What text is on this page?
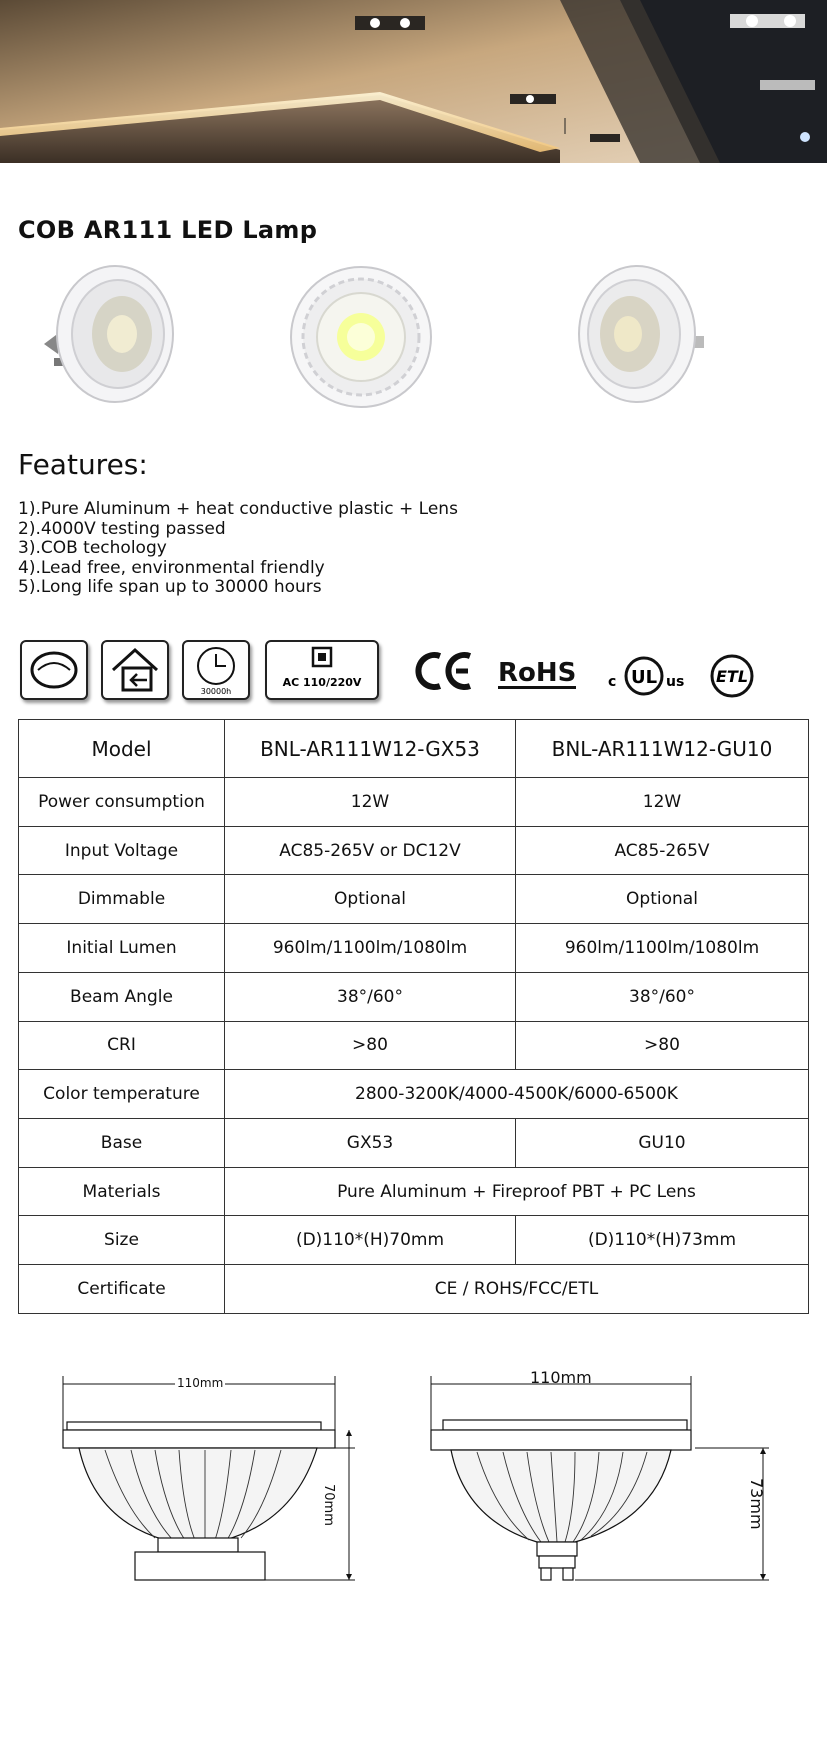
COB AR111 LED Lamp
Features:
1).Pure Aluminum + heat conductive plastic + Lens
2).4000V testing passed
3).COB techology
4).Lead free, environmental friendly
5).Long life span up to 30000 hours
30000h
AC 110/220V	RoHS c UL us ETL
Model	BNL-AR111W12-GX53	BNL-AR111W12-GU10
Power consumption	12W	12W
Input Voltage	AC85-265V or DC12V	AC85-265V
Dimmable	Optional	Optional
Initial Lumen	960lm/1100lm/1080lm	960lm/1100lm/1080lm
Beam Angle	38°/60°	38°/60°
CRI	>80	>80
Color temperature	2800-3200K/4000-4500K/6000-6500K	
Base	GX53	GU10
Materials	Pure Aluminum + Fireproof PBT + PC Lens	
Size	(D)110*(H)70mm	(D)110*(H)73mm
Certificate	CE / ROHS/FCC/ETL	
110mm
70mm
110mm
73mm
